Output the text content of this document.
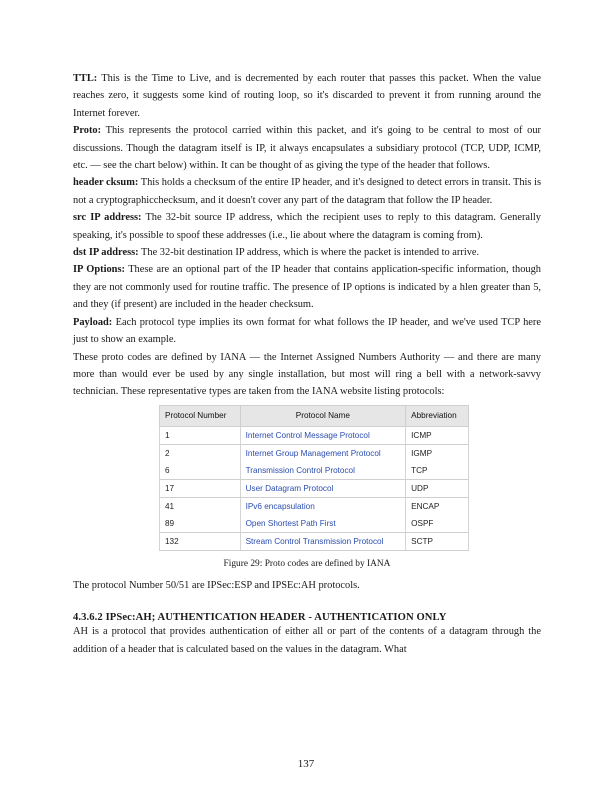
TTL: This is the Time to Live, and is decremented by each router that passes this packet. When the value reaches zero, it suggests some kind of routing loop, so it's discarded to prevent it from running around the Internet forever.

Proto: This represents the protocol carried within this packet, and it's going to be central to most of our discussions. Though the datagram itself is IP, it always encapsulates a subsidiary protocol (TCP, UDP, ICMP, etc. — see the chart below) within. It can be thought of as giving the type of the header that follows.

header cksum: This holds a checksum of the entire IP header, and it's designed to detect errors in transit. This is not a cryptographicchecksum, and it doesn't cover any part of the datagram that follow the IP header.

src IP address: The 32-bit source IP address, which the recipient uses to reply to this datagram. Generally speaking, it's possible to spoof these addresses (i.e., lie about where the datagram is coming from).

dst IP address: The 32-bit destination IP address, which is where the packet is intended to arrive.

IP Options: These are an optional part of the IP header that contains application-specific information, though they are not commonly used for routine traffic. The presence of IP options is indicated by a hlen greater than 5, and they (if present) are included in the header checksum.

Payload: Each protocol type implies its own format for what follows the IP header, and we've used TCP here just to show an example.

These proto codes are defined by IANA — the Internet Assigned Numbers Authority — and there are many more than would ever be used by any single installation, but most will ring a bell with a network-savvy technician. These representative types are taken from the IANA website listing protocols:

Protocol Number	Protocol Name	Abbreviation
1	Internet Control Message Protocol	ICMP
2	Internet Group Management Protocol	IGMP
6	Transmission Control Protocol	TCP
17	User Datagram Protocol	UDP
41	IPv6 encapsulation	ENCAP
89	Open Shortest Path First	OSPF
132	Stream Control Transmission Protocol	SCTP
Figure 29: Proto codes are defined by IANA

The protocol Number 50/51 are IPSec:ESP and IPSEc:AH protocols.

4.3.6.2 IPSec:AH; AUTHENTICATION HEADER - AUTHENTICATION ONLY

AH is a protocol that provides authentication of either all or part of the contents of a datagram through the addition of a header that is calculated based on the values in the datagram. What

137
